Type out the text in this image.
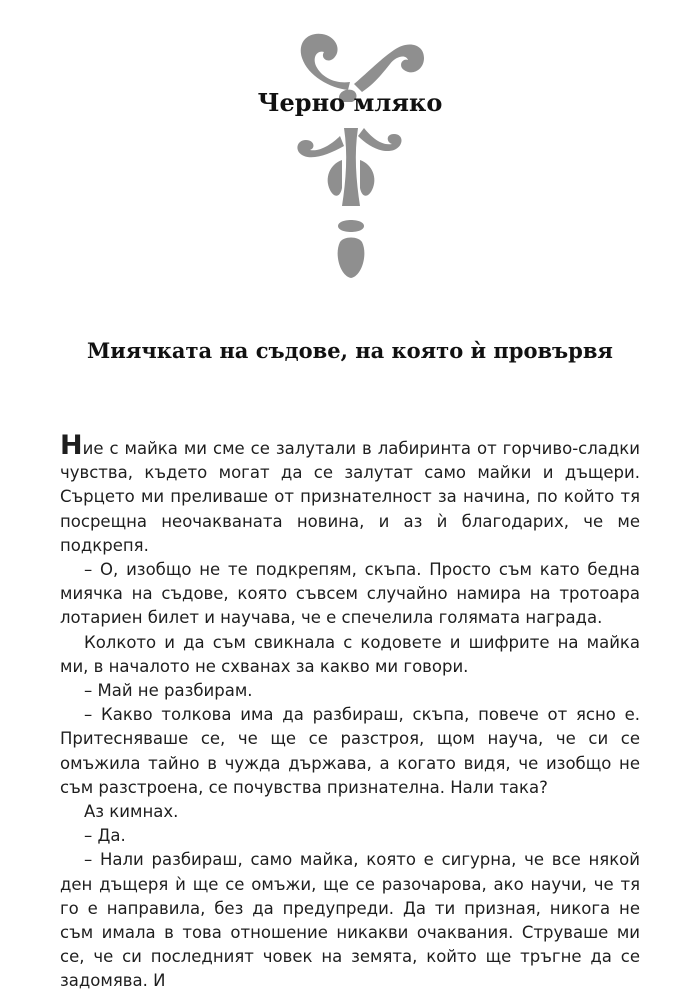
Черно мляко
Миячката на съдове, на която ѝ провървя

Ние с майка ми сме се залутали в лабиринта от горчиво-сладки чувства, където могат да се залутат само майки и дъщери. Сърцето ми преливаше от признателност за начина, по който тя посрещна неочакваната новина, и аз ѝ благодарих, че ме подкрепя.

– О, изобщо не те подкрепям, скъпа. Просто съм като бедна миячка на съдове, която съвсем случайно намира на тротоара лотариен билет и научава, че е спечелила голямата награда.

Колкото и да съм свикнала с кодовете и шифрите на майка ми, в началото не схванах за какво ми говори.

– Май не разбирам.

– Какво толкова има да разбираш, скъпа, повече от ясно е. Притесняваше се, че ще се разстроя, щом науча, че си се омъжила тайно в чужда държава, а когато видя, че изобщо не съм разстроена, се почувства признателна. Нали така?

Аз кимнах.

– Да.

– Нали разбираш, само майка, която е сигурна, че все някой ден дъщеря ѝ ще се омъжи, ще се разочарова, ако научи, че тя го е направила, без да предупреди. Да ти призная, никога не съм имала в това отношение никакви очаквания. Струваше ми се, че си последният човек на земята, който ще тръгне да се задомява. И
